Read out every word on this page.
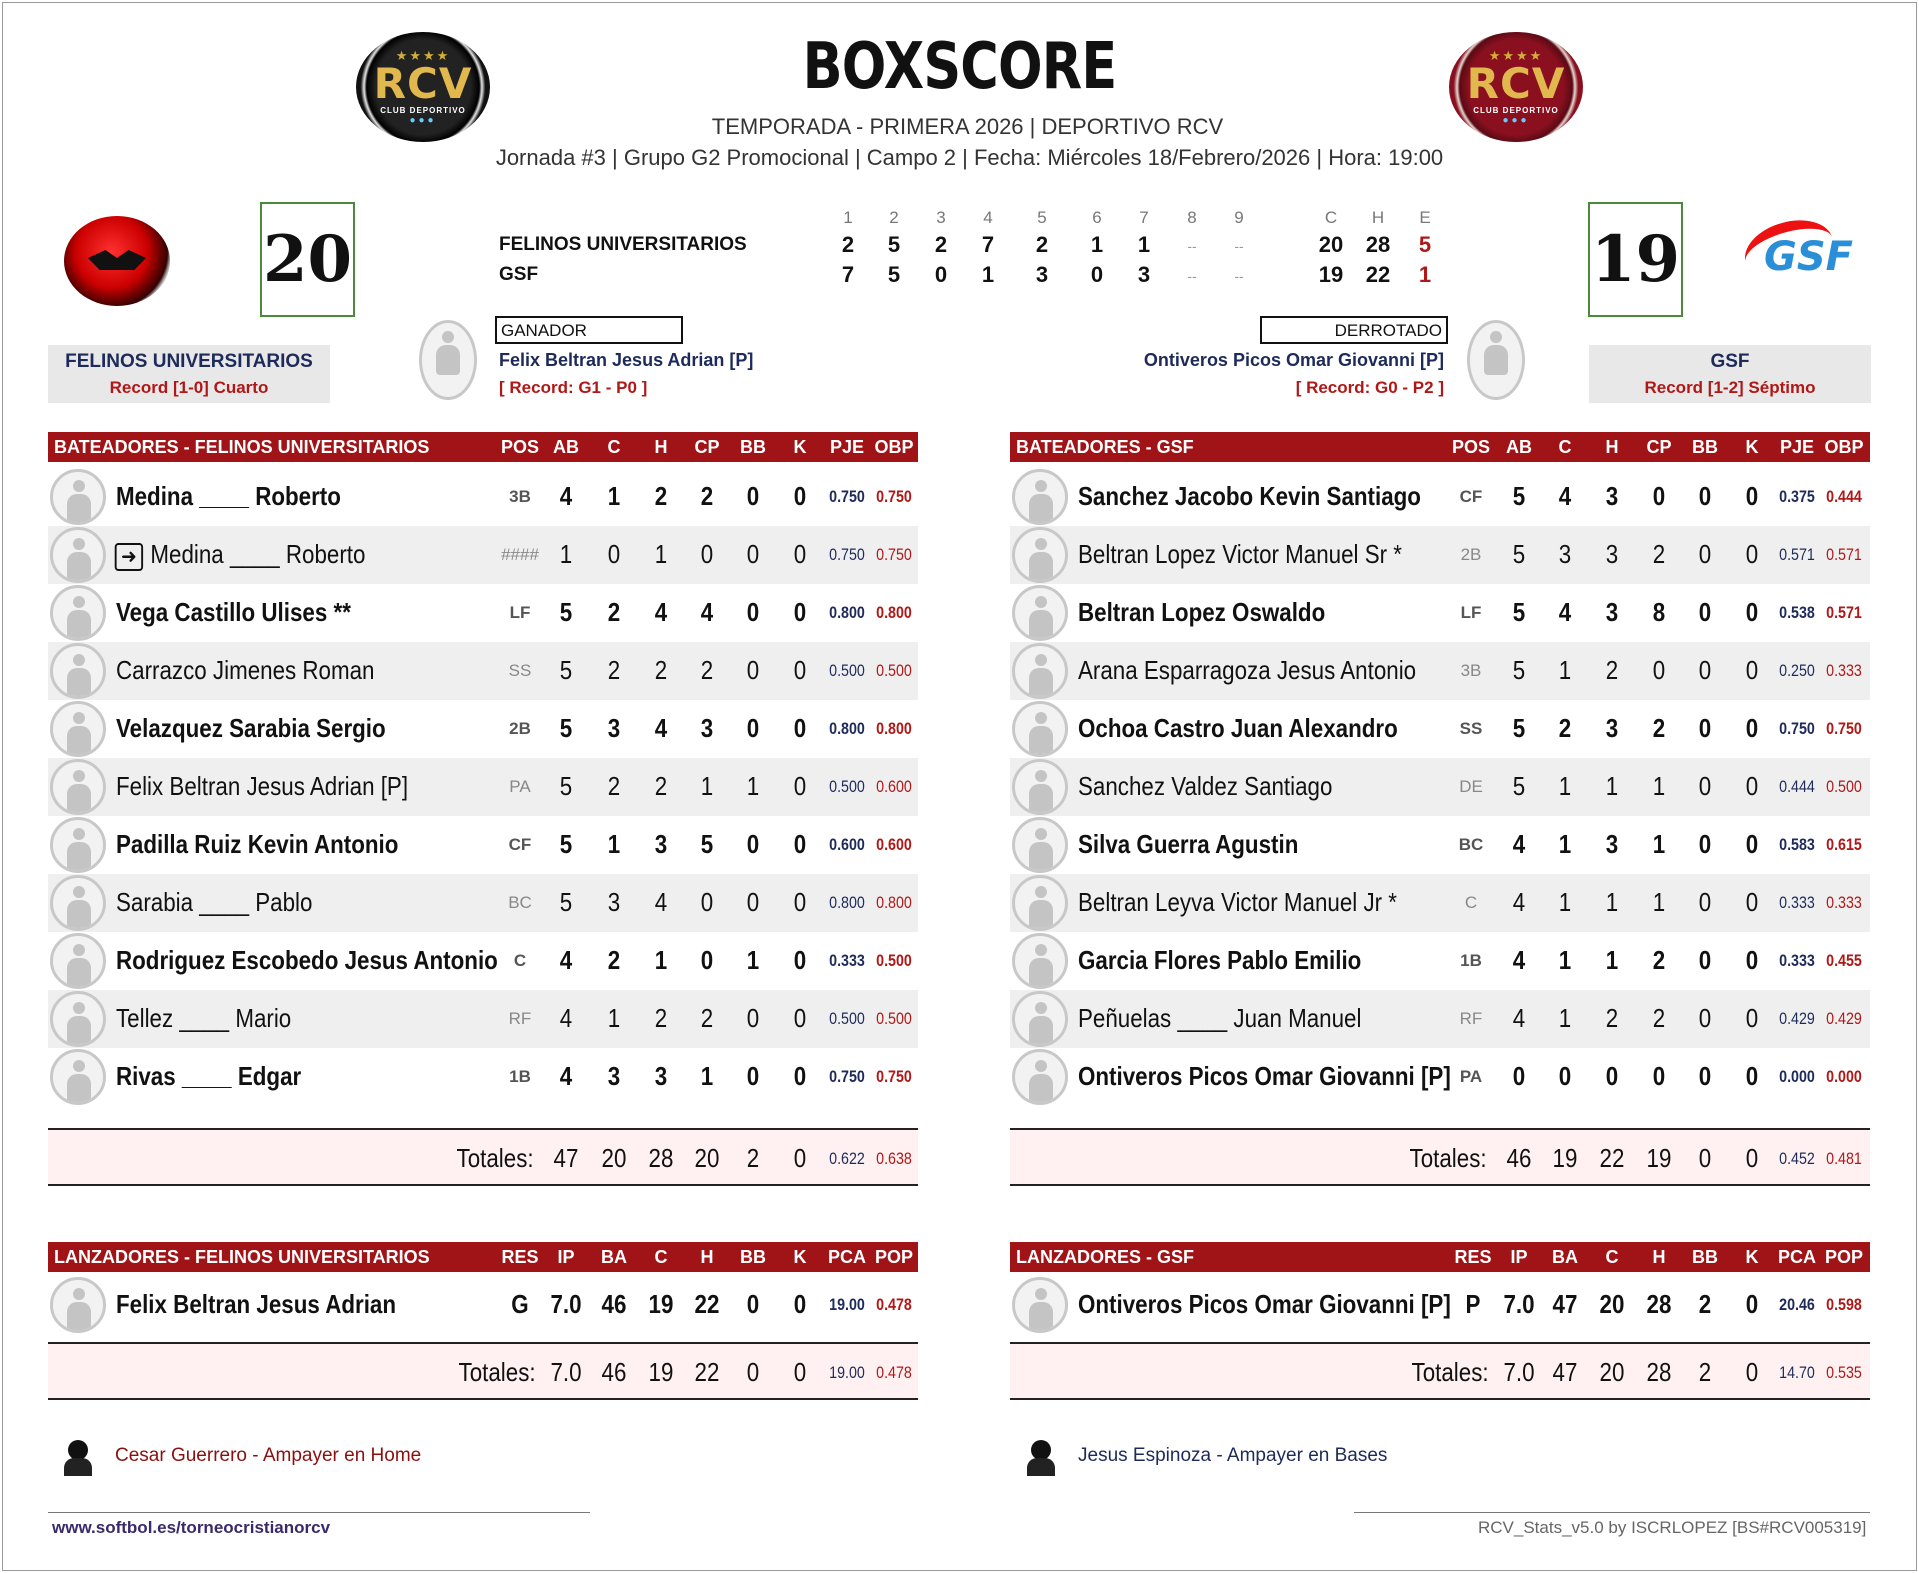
★★★★
RCV
CLUB DEPORTIVO
●●●
★★★★
RCV
CLUB DEPORTIVO
●●●
BOXSCORE
TEMPORADA - PRIMERA 2026 | DEPORTIVO RCV
Jornada #3 | Grupo G2 Promocional | Campo 2 | Fecha: Miércoles 18/Febrero/2026 | Hora: 19:00
GSF
20	19
FELINOS UNIVERSITARIOS
GSF
1	2	3	4	5	6	7	8	9	C	H	E
2	5	2	7	2	1	1	--	--	20	28	5
7	5	0	1	3	0	3	--	--	19	22	1
FELINOS UNIVERSITARIOS
Record [1-0] Cuarto
GSF
Record [1-2] Séptimo
GANADOR
Felix Beltran Jesus Adrian [P]
[ Record: G1 - P0 ]
DERROTADO
Ontiveros Picos Omar Giovanni [P]
[ Record: G0 - P2 ]
BATEADORES - FELINOS UNIVERSITARIOS	POS AB	C	H	CP	BB	K	PJE OBP
Medina ____ Roberto	3B	4	1	2	2	0	0	0.750 0.750
➜ Medina ____ Roberto	#### 1	0	1	0	0	0	0.750 0.750
Vega Castillo Ulises **	LF	5	2	4	4	0	0	0.800 0.800
Carrazco Jimenes Roman	SS	5	2	2	2	0	0	0.500 0.500
Velazquez Sarabia Sergio	2B	5	3	4	3	0	0	0.800 0.800
Felix Beltran Jesus Adrian [P]	PA	5	2	2	1	1	0	0.500 0.600
Padilla Ruiz Kevin Antonio	CF	5	1	3	5	0	0	0.600 0.600
Sarabia ____ Pablo	BC	5	3	4	0	0	0	0.800 0.800
Rodriguez Escobedo Jesus Antonio C	4	2	1	0	1	0	0.333 0.500
Tellez ____ Mario	RF	4	1	2	2	0	0	0.500 0.500
Rivas ____ Edgar	1B	4	3	3	1	0	0	0.750 0.750
Totales: 47 20 28 20	2	0	0.622 0.638
BATEADORES - GSF	POS AB	C	H	CP	BB	K	PJE OBP
Sanchez Jacobo Kevin Santiago	CF	5	4	3	0	0	0	0.375 0.444
Beltran Lopez Victor Manuel Sr *	2B	5	3	3	2	0	0	0.571 0.571
Beltran Lopez Oswaldo	LF	5	4	3	8	0	0	0.538 0.571
Arana Esparragoza Jesus Antonio	3B	5	1	2	0	0	0	0.250 0.333
Ochoa Castro Juan Alexandro	SS	5	2	3	2	0	0	0.750 0.750
Sanchez Valdez Santiago	DE	5	1	1	1	0	0	0.444 0.500
Silva Guerra Agustin	BC	4	1	3	1	0	0	0.583 0.615
Beltran Leyva Victor Manuel Jr *	C	4	1	1	1	0	0	0.333 0.333
Garcia Flores Pablo Emilio	1B	4	1	1	2	0	0	0.333 0.455
Peñuelas ____ Juan Manuel	RF	4	1	2	2	0	0	0.429 0.429
Ontiveros Picos Omar Giovanni [P] PA	0	0	0	0	0	0	0.000 0.000
Totales: 46 19 22 19	0	0	0.452 0.481
LANZADORES - FELINOS UNIVERSITARIOS	RES	IP	BA	C	H	BB	K	PCA POP
Felix Beltran Jesus Adrian	G 7.0 46 19 22	0	0	19.00 0.478
Totales: 7.0 46 19 22	0	0	19.00 0.478
LANZADORES - GSF	RES	IP	BA	C	H	BB	K	PCA POP
Ontiveros Picos Omar Giovanni [P] P 7.0 47 20 28	2	0	20.46 0.598
Totales: 7.0 47 20 28	2	0	14.70 0.535
Cesar Guerrero - Ampayer en Home	Jesus Espinoza - Ampayer en Bases
www.softbol.es/torneocristianorcv	RCV_Stats_v5.0 by ISCRLOPEZ [BS#RCV005319]
